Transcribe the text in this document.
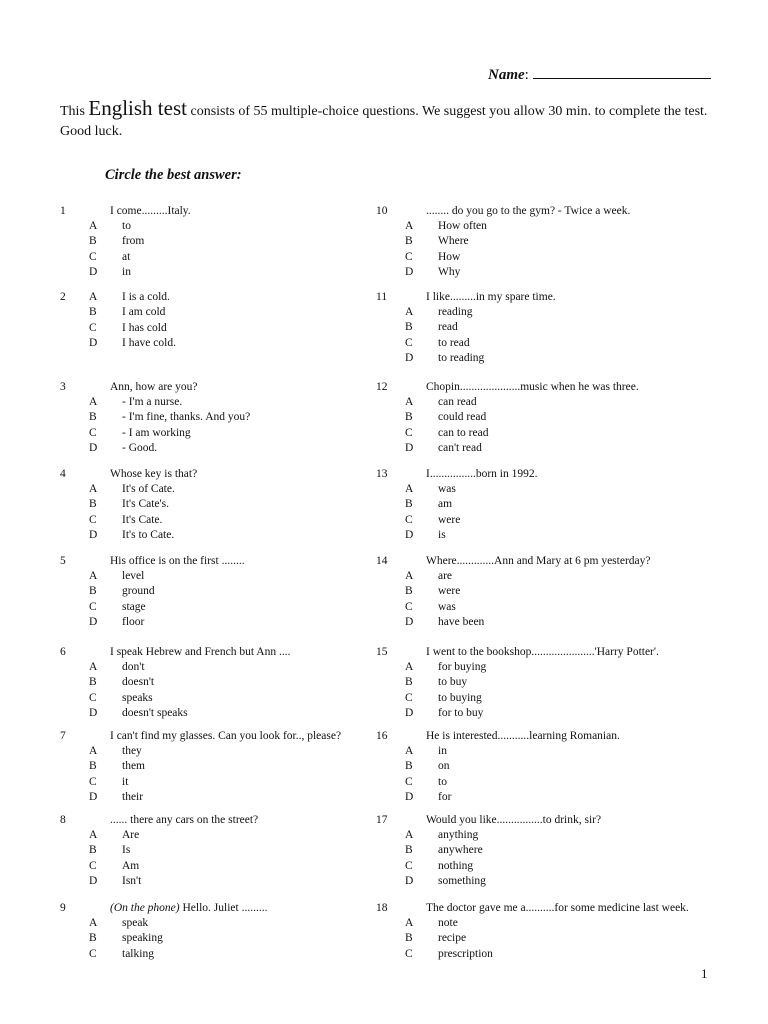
Name:
This English test consists of 55 multiple-choice questions. We suggest you allow 30 min. to complete the test. Good luck.
Circle the best answer:
1	I come.........Italy.
A to
B from
C at
D in
2 A I is a cold.
B I am cold
C I has cold
D I have cold.
3	Ann, how are you?
A - I'm a nurse.
B - I'm fine, thanks. And you?
C - I am working
D - Good.
4	Whose key is that?
A It's of Cate.
B It's Cate's.
C It's Cate.
D It's to Cate.
5	His office is on the first ........
A level
B ground
C stage
D floor
6	I speak Hebrew and French but Ann ....
A don't
B doesn't
C speaks
D doesn't speaks
7	I can't find my glasses. Can you look for.., please?
A they
B them
C it
D their
8	...... there any cars on the street?
A Are
B Is
C Am
D Isn't
9	(On the phone) Hello. Juliet .........
A speak
B speaking
C talking
10	........ do you go to the gym? - Twice a week.
A How often
B Where
C How
D Why
11	I like.........in my spare time.
A reading
B read
C to read
D to reading
12	Chopin.....................music when he was three.
A can read
B could read
C can to read
D can't read
13	I................born in 1992.
A was
B am
C were
D is
14	Where.............Ann and Mary at 6 pm yesterday?
A are
B were
C was
D have been
15	I went to the bookshop......................'Harry Potter'.
A for buying
B to buy
C to buying
D for to buy
16	He is interested...........learning Romanian.
A in
B on
C to
D for
17	Would you like................to drink, sir?
A anything
B anywhere
C nothing
D something
18	The doctor gave me a..........for some medicine last week.
A note
B recipe
C prescription
1
